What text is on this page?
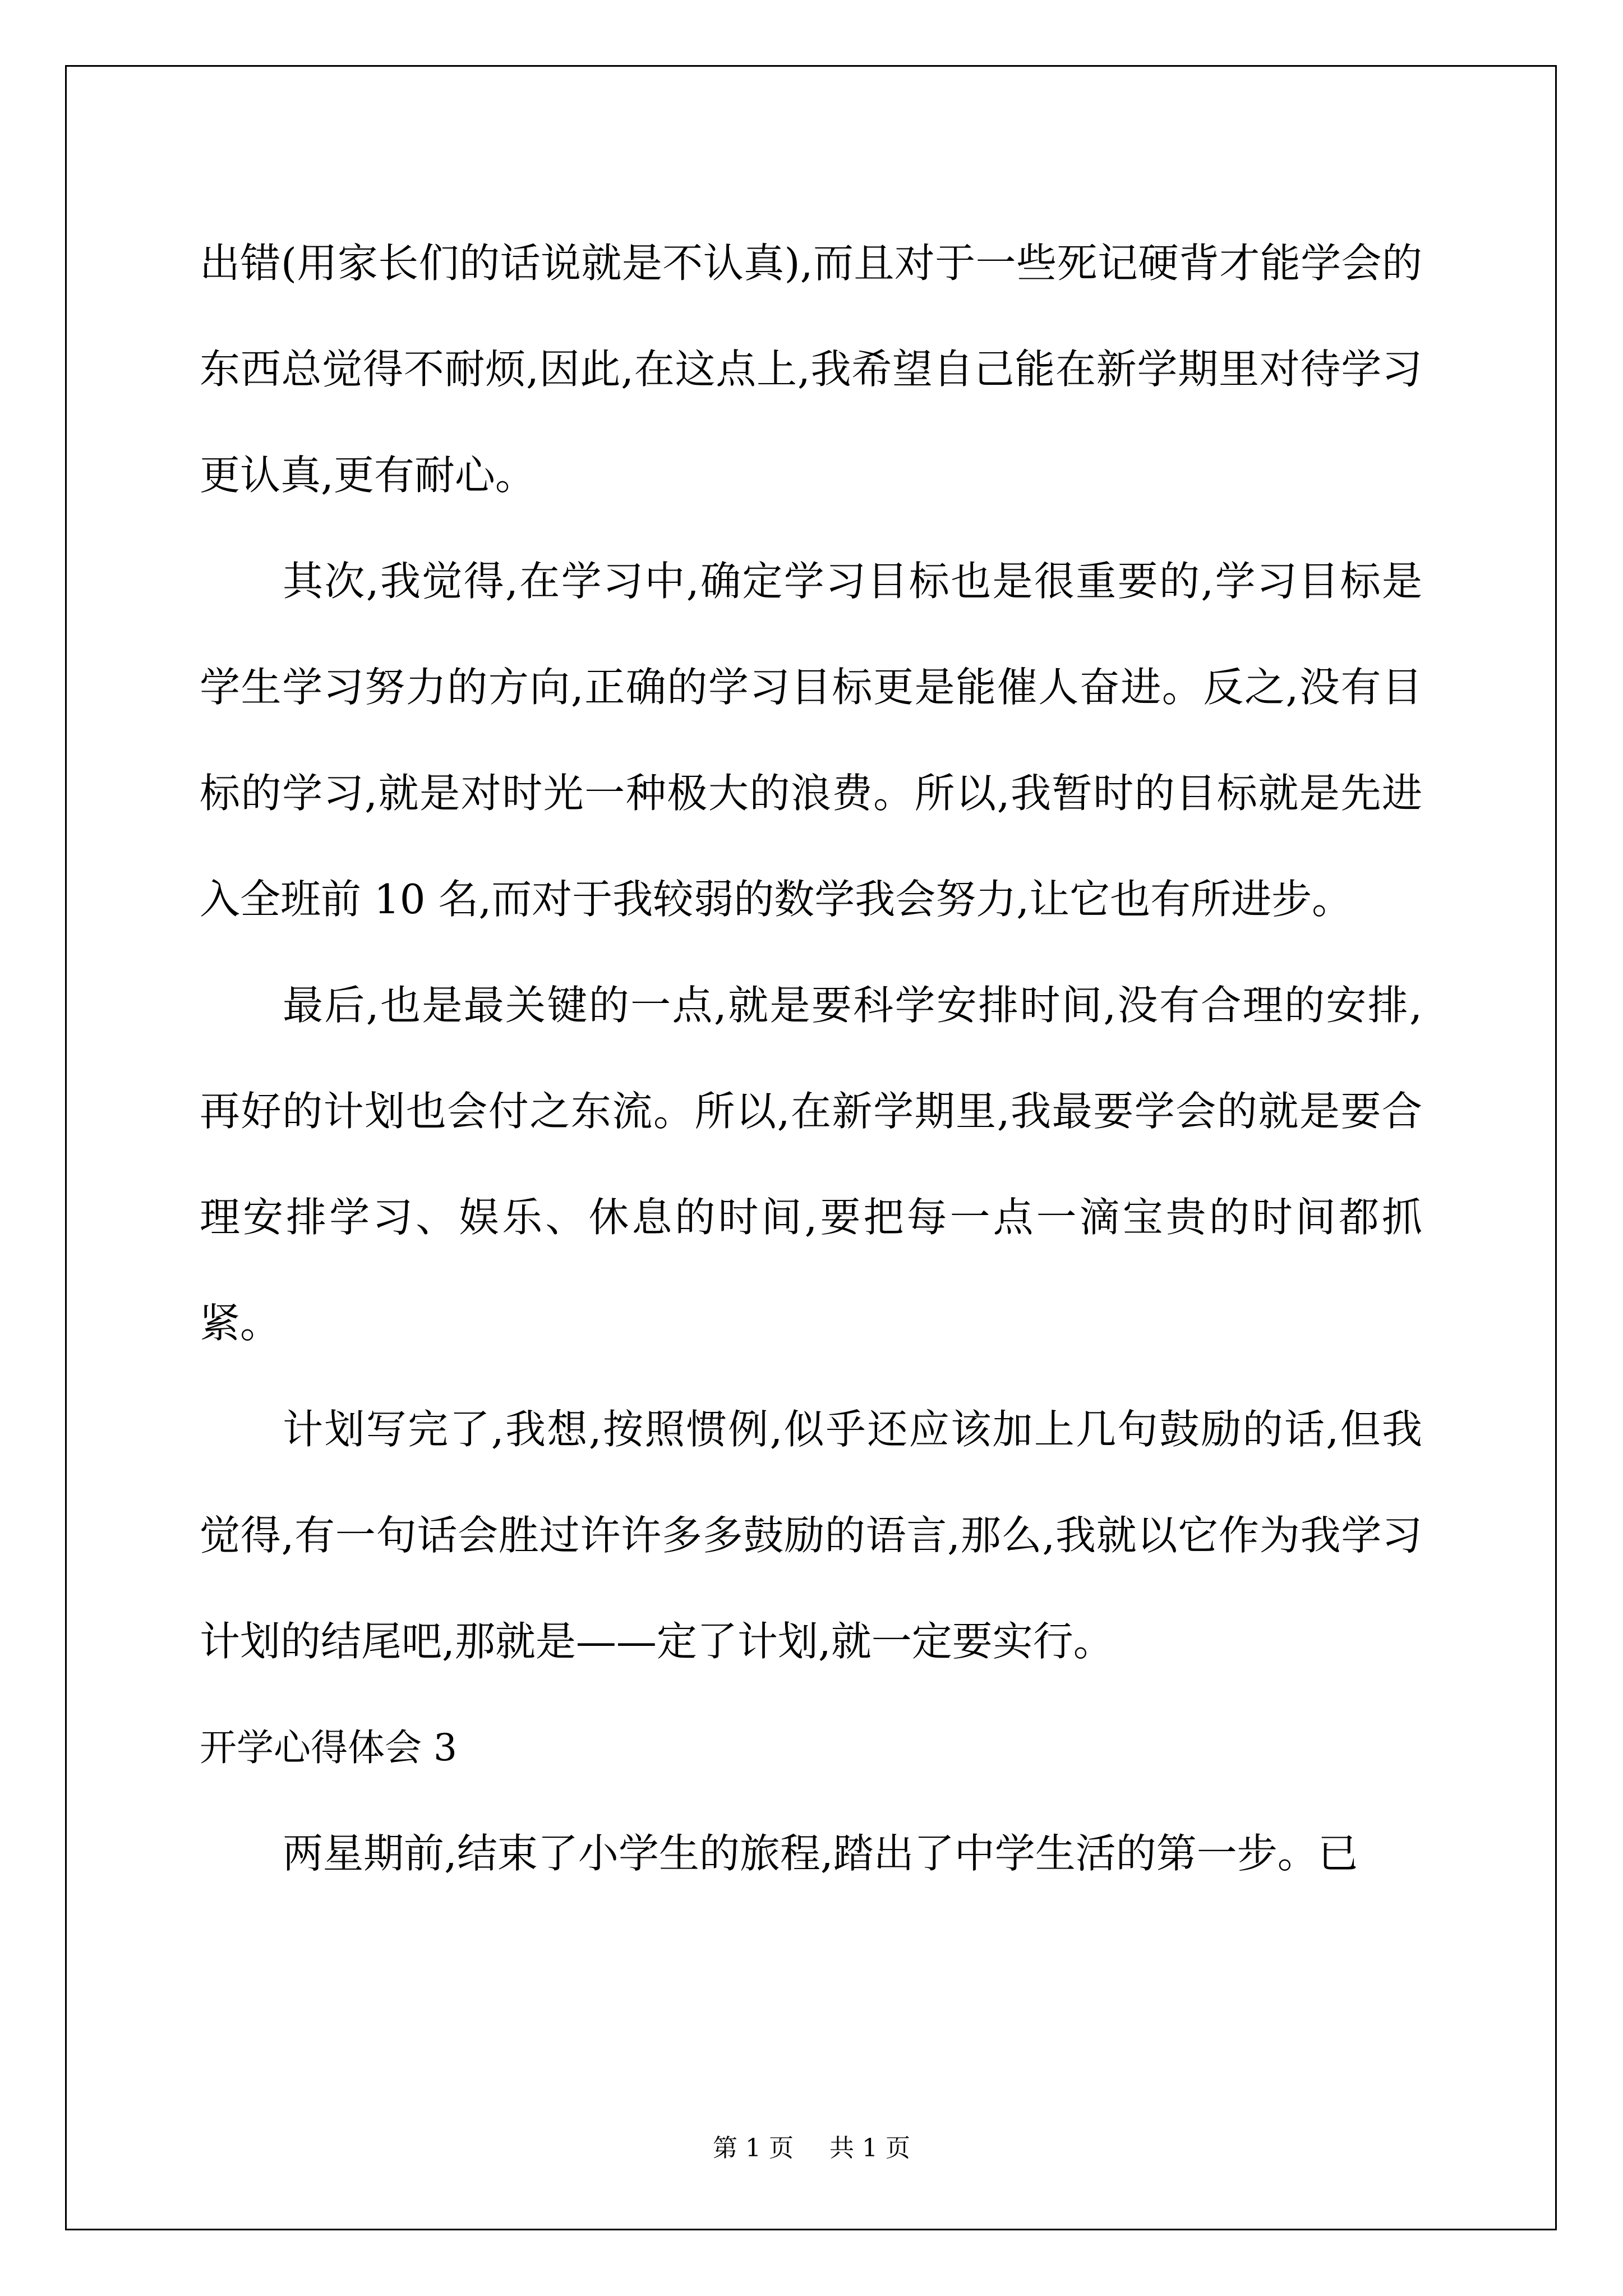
出错(用家长们的话说就是不认真),而且对于一些死记硬背才能学会的东西总觉得不耐烦,因此,在这点上,我希望自己能在新学期里对待学习更认真,更有耐心。

其次,我觉得,在学习中,确定学习目标也是很重要的,学习目标是学生学习努力的方向,正确的学习目标更是能催人奋进。反之,没有目标的学习,就是对时光一种极大的浪费。所以,我暂时的目标就是先进入全班前 10 名,而对于我较弱的数学我会努力,让它也有所进步。

最后,也是最关键的一点,就是要科学安排时间,没有合理的安排,再好的计划也会付之东流。所以,在新学期里,我最要学会的就是要合理安排学习、娱乐、休息的时间,要把每一点一滴宝贵的时间都抓紧。

计划写完了,我想,按照惯例,似乎还应该加上几句鼓励的话,但我觉得,有一句话会胜过许许多多鼓励的语言,那么,我就以它作为我学习计划的结尾吧,那就是——定了计划,就一定要实行。

开学心得体会 3

两星期前,结束了小学生的旅程,踏出了中学生活的第一步。已

第 1 页 共 1 页
